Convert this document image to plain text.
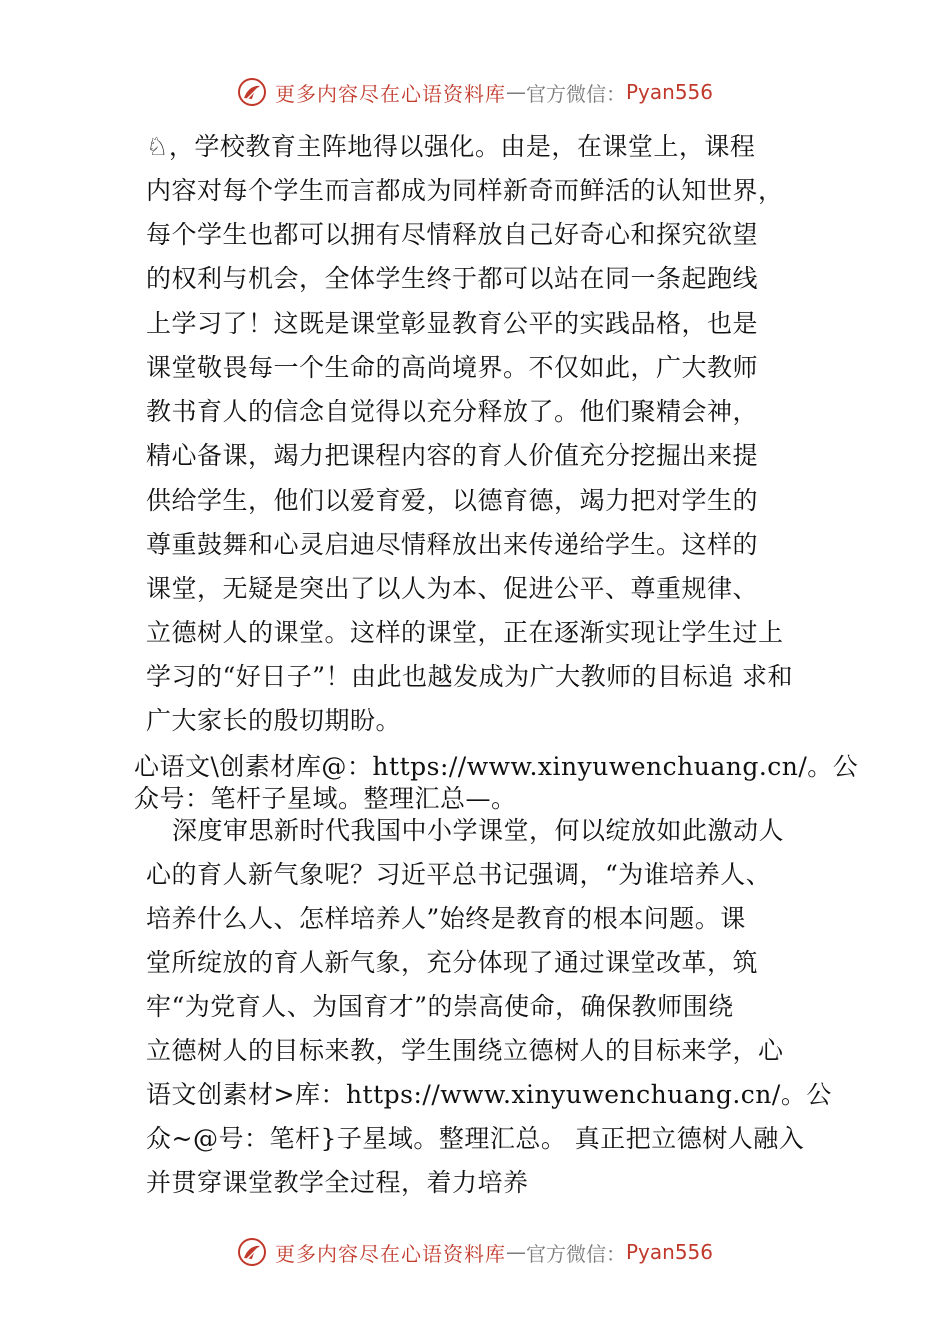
更多内容尽在心语资料库 — 官方微信： Pyan556
♘，学校教育主阵地得以强化。由是，在课堂上，课程
内容对每个学生而言都成为同样新奇而鲜活的认知世界，
每个学生也都可以拥有尽情释放自己好奇心和探究欲望
的权利与机会，全体学生终于都可以站在同一条起跑线
上学习了！这既是课堂彰显教育公平的实践品格，也是
课堂敬畏每一个生命的高尚境界。不仅如此，广大教师
教书育人的信念自觉得以充分释放了。他们聚精会神，
精心备课，竭力把课程内容的育人价值充分挖掘出来提
供给学生，他们以爱育爱，以德育德，竭力把对学生的
尊重鼓舞和心灵启迪尽情释放出来传递给学生。这样的
课堂，无疑是突出了以人为本、促进公平、尊重规律、
立德树人的课堂。这样的课堂，正在逐渐实现让学生过上
学习的“好日子”！由此也越发成为广大教师的目标追 求和
广大家长的殷切期盼。
心语文\创素材库@：https://www.xinyuwenchuang.cn/。公
众号：笔杆子星域。整理汇总—。
深度审思新时代我国中小学课堂，何以绽放如此激动人
心的育人新气象呢？习近平总书记强调，“为谁培养人、
培养什么人、怎样培养人”始终是教育的根本问题。课
堂所绽放的育人新气象，充分体现了通过课堂改革，筑
牢“为党育人、为国育才”的崇高使命，确保教师围绕
立德树人的目标来教，学生围绕立德树人的目标来学，心
语文创素材>库：https://www.xinyuwenchuang.cn/。公
众~@号：笔杆}子星域。整理汇总。 真正把立德树人融入
并贯穿课堂教学全过程，着力培养
更多内容尽在心语资料库 — 官方微信： Pyan556
